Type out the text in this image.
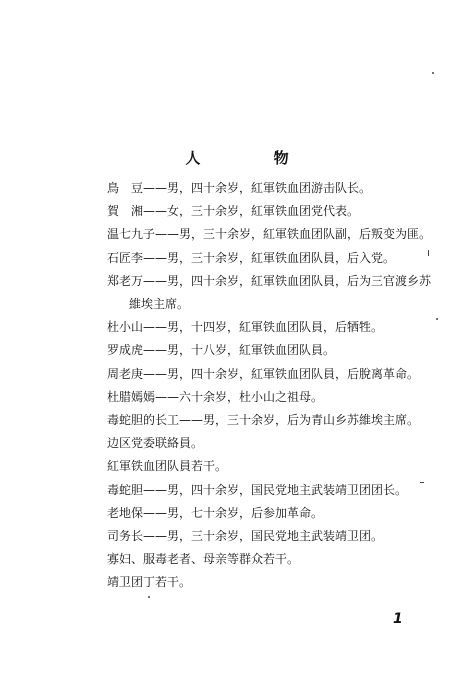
人 物
鳥　豆——男，四十余岁，紅軍铁血团游击队长。
賀　湘——女，三十余岁，紅軍铁血团党代表。
温七九子——男，三十余岁，紅軍铁血团队副，后叛变为匪。
石匠李——男，三十余岁，紅軍铁血团队員，后入党。
郑老万——男，四十余岁，紅軍铁血团队員，后为三官渡乡苏
維埃主席。
杜小山——男，十四岁，紅軍铁血团队員，后牺牲。
罗成虎——男，十八岁，紅軍铁血团队員。
周老庚——男，四十余岁，紅軍铁血团队員，后脫离革命。
杜腊嫣嫣——六十余岁，杜小山之祖母。
毒蛇胆的长工——男，三十余岁，后为青山乡苏維埃主席。
边区党委联絡員。
紅軍铁血团队員若干。
毒蛇胆——男，四十余岁，国民党地主武装靖卫团团长。
老地保——男，七十余岁，后参加革命。
司务长——男，三十余岁，国民党地主武装靖卫团。
寡妇、服毒老者、母亲等群众若干。
靖卫团丁若干。
1
